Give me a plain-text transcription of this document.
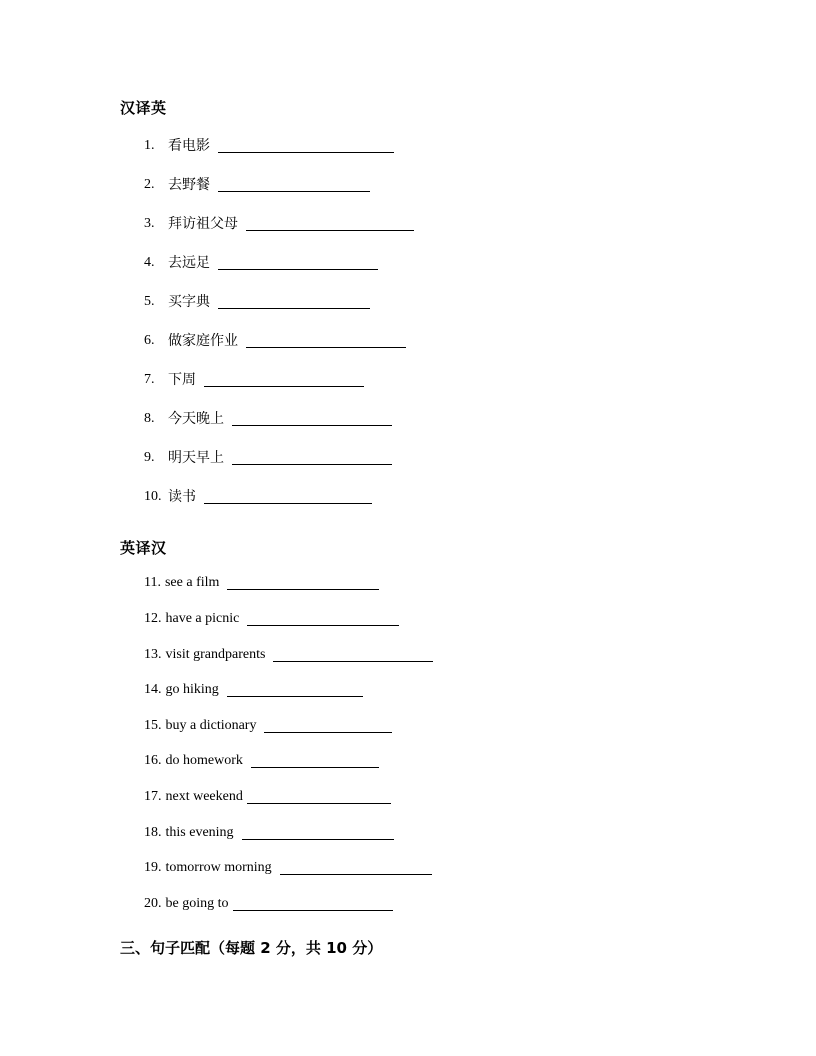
汉译英
1. 看电影
2. 去野餐
3. 拜访祖父母
4. 去远足
5. 买字典
6. 做家庭作业
7. 下周
8. 今天晚上
9. 明天早上
10. 读书
英译汉
11. see a film
12. have a picnic
13. visit grandparents
14. go hiking
15. buy a dictionary
16. do homework
17. next weekend
18. this evening
19. tomorrow morning
20. be going to
三、句子匹配（每题 2 分，共 10 分）
